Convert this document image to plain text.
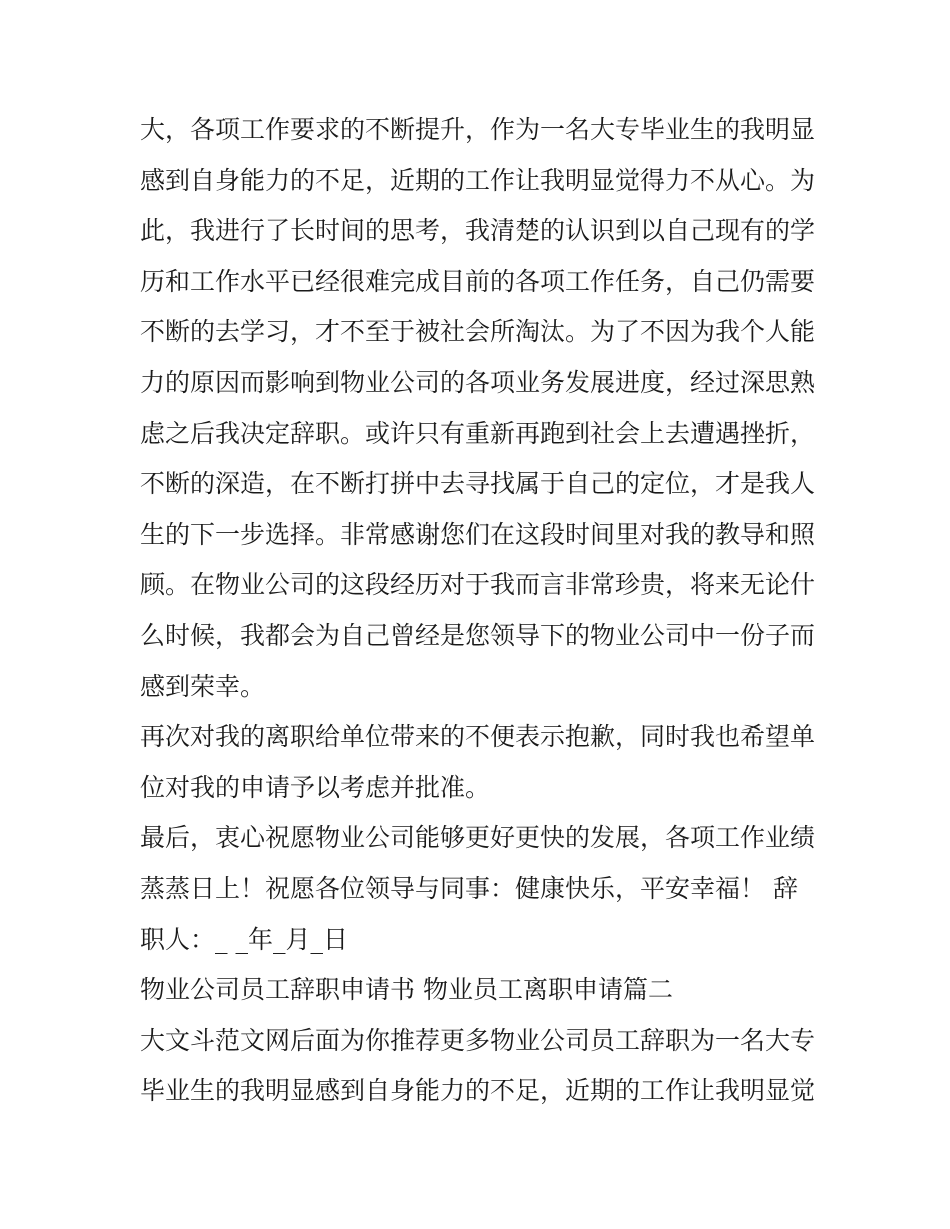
大，各项工作要求的不断提升，作为一名大专毕业生的我明显
感到自身能力的不足，近期的工作让我明显觉得力不从心。为
此，我进行了长时间的思考，我清楚的认识到以自己现有的学
历和工作水平已经很难完成目前的各项工作任务，自己仍需要
不断的去学习，才不至于被社会所淘汰。为了不因为我个人能
力的原因而影响到物业公司的各项业务发展进度，经过深思熟
虑之后我决定辞职。或许只有重新再跑到社会上去遭遇挫折，
不断的深造，在不断打拼中去寻找属于自己的定位，才是我人
生的下一步选择。非常感谢您们在这段时间里对我的教导和照
顾。在物业公司的这段经历对于我而言非常珍贵，将来无论什
么时候，我都会为自己曾经是您领导下的物业公司中一份子而
感到荣幸。
再次对我的离职给单位带来的不便表示抱歉，同时我也希望单
位对我的申请予以考虑并批准。
最后，衷心祝愿物业公司能够更好更快的发展，各项工作业绩
蒸蒸日上！祝愿各位领导与同事：健康快乐，平安幸福！ 辞
职人：_ _年_月_日
物业公司员工辞职申请书 物业员工离职申请篇二
大文斗范文网后面为你推荐更多物业公司员工辞职为一名大专
毕业生的我明显感到自身能力的不足，近期的工作让我明显觉
